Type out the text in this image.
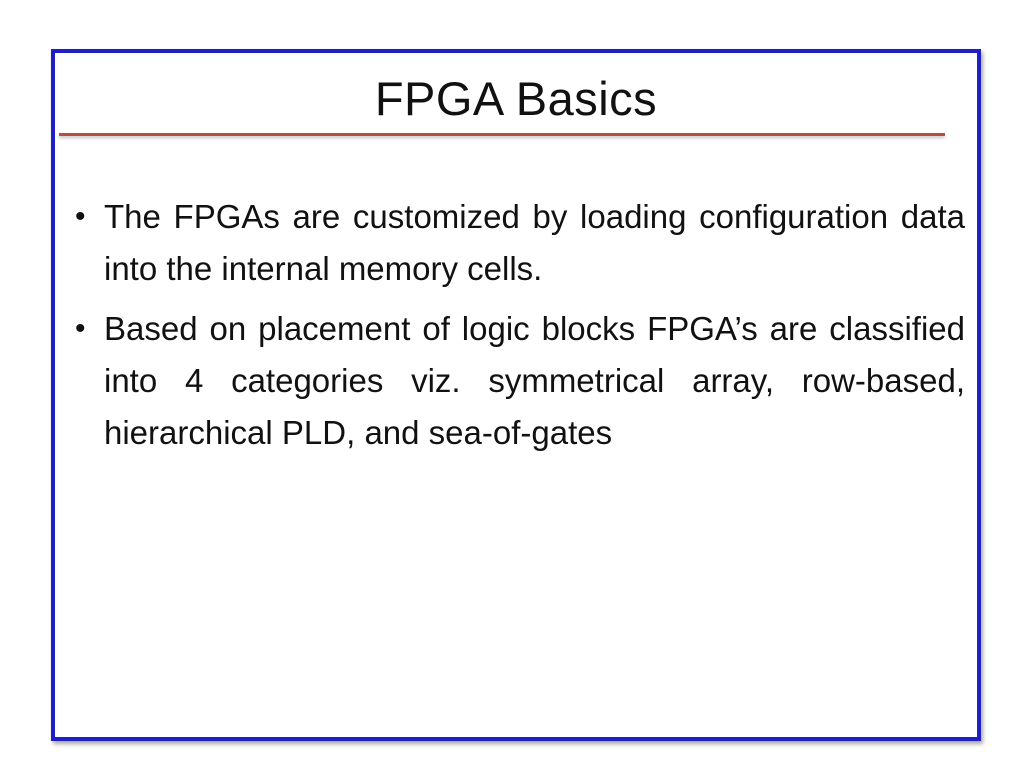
FPGA Basics
• The FPGAs are customized by loading configuration data into the internal memory cells.
• Based on placement of logic blocks FPGA’s are classified into 4 categories viz. symmetrical array, row-based, hierarchical PLD, and sea-of-gates
